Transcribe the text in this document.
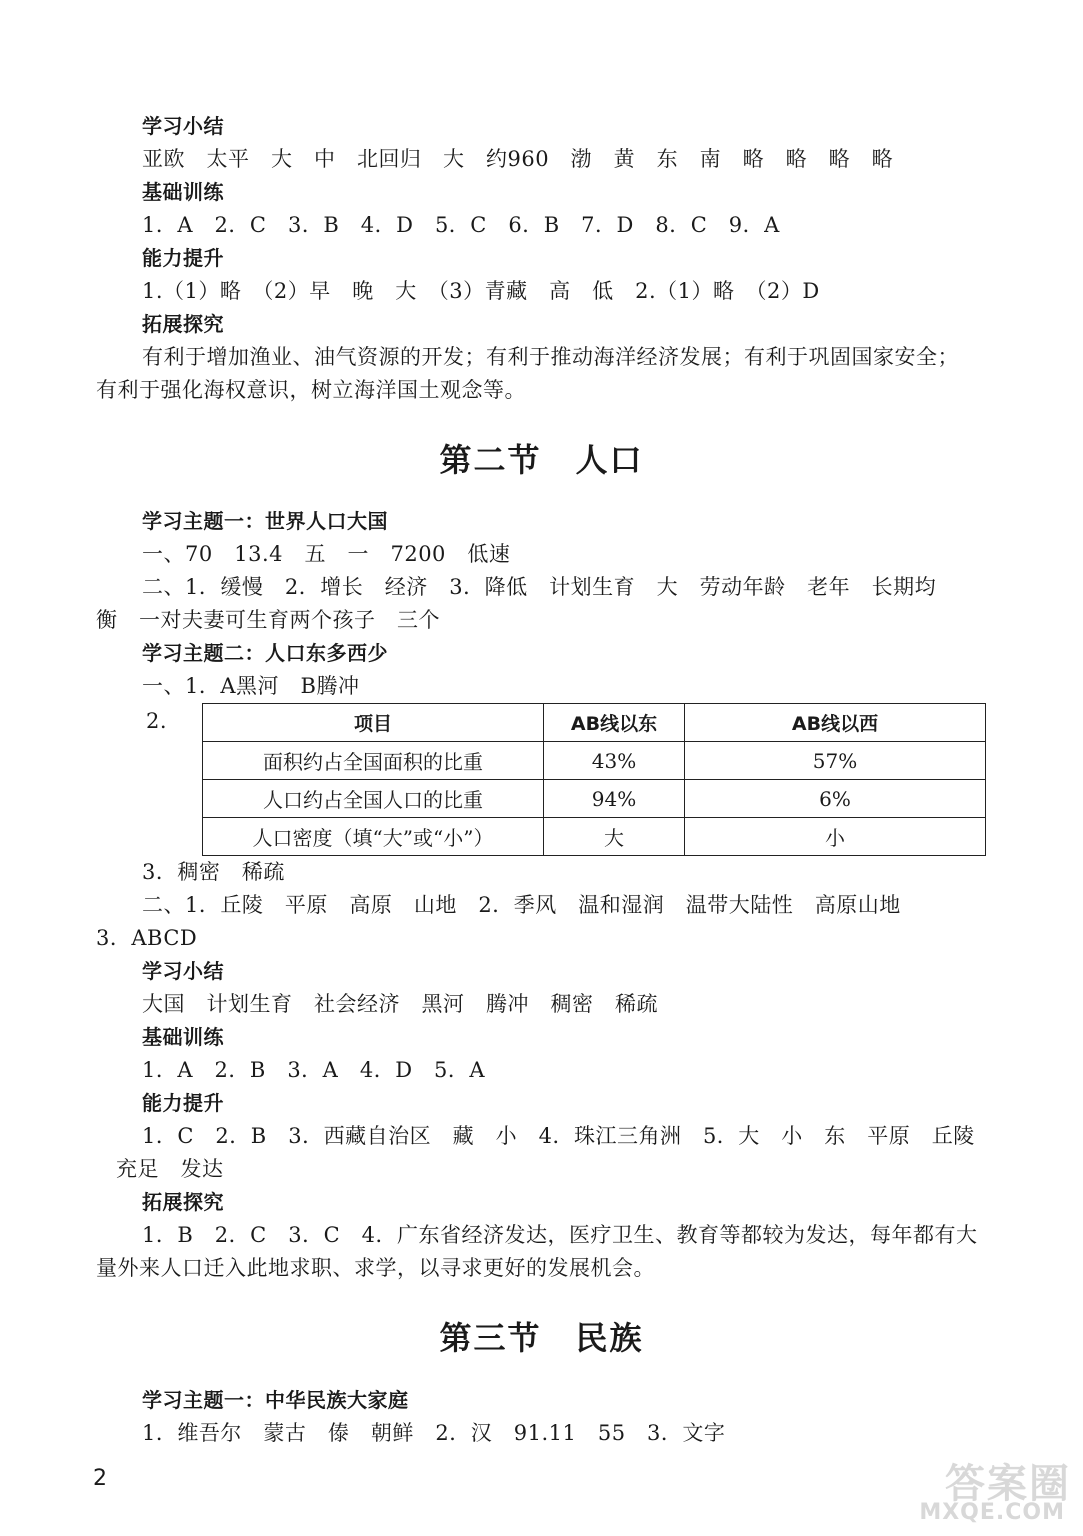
学习小结
亚欧　太平　大　中　北回归　大　约960　渤　黄　东　南　略　略　略　略
基础训练
1．A　2．C　3．B　4．D　5．C　6．B　7．D　8．C　9．A
能力提升
1.（1）略　（2）早　晚　大　（3）青藏　高　低　2.（1）略　（2）D
拓展探究
有利于增加渔业、油气资源的开发；有利于推动海洋经济发展；有利于巩固国家安全；
有利于强化海权意识，树立海洋国土观念等。
第二节　人口
学习主题一：世界人口大国
一、70　13.4　五　一　7200　低速
二、1．缓慢　2．增长　经济　3．降低　计划生育　大　劳动年龄　老年　长期均
衡　一对夫妻可生育两个孩子　三个
学习主题二：人口东多西少
一、1．A黑河　B腾冲
2.	项目	AB线以东	AB线以西
面积约占全国面积的比重	43%	57%
人口约占全国人口的比重	94%	6%
人口密度（填“大”或“小”）	大	小
3．稠密　稀疏
二、1．丘陵　平原　高原　山地　2．季风　温和湿润　温带大陆性　高原山地
3．ABCD
学习小结
大国　计划生育　社会经济　黑河　腾冲　稠密　稀疏
基础训练
1．A　2．B　3．A　4．D　5．A
能力提升
1．C　2．B　3．西藏自治区　藏　小　4．珠江三角洲　5．大　小　东　平原　丘陵
充足　发达
拓展探究
1．B　2．C　3．C　4．广东省经济发达，医疗卫生、教育等都较为发达，每年都有大
量外来人口迁入此地求职、求学，以寻求更好的发展机会。
第三节　民族
学习主题一：中华民族大家庭
1．维吾尔　蒙古　傣　朝鲜　2．汉　91.11　55　3．文字
2	答案圈
MXQE.COM
